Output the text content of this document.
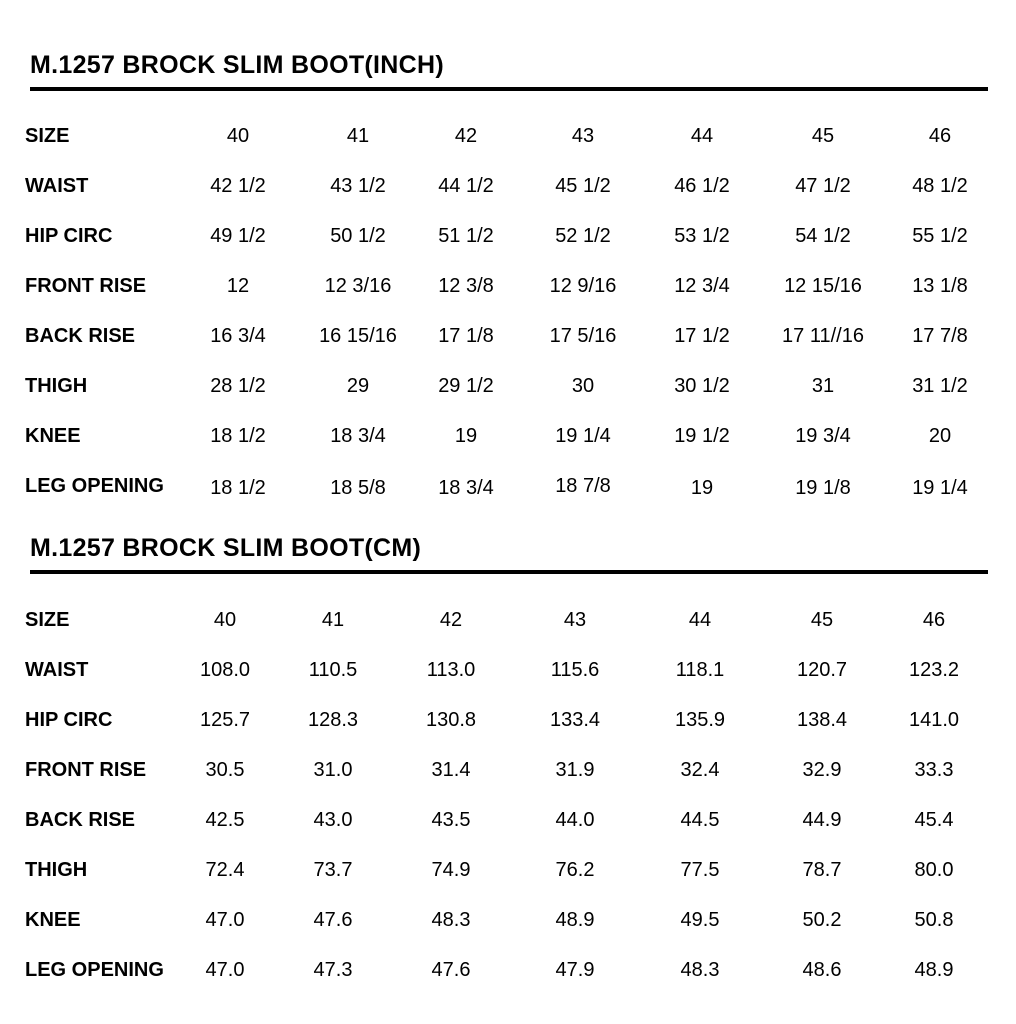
M.1257 BROCK SLIM BOOT(INCH)
SIZE	40	41	42	43	44	45	46
WAIST	42 1/2	43 1/2	44 1/2	45 1/2	46 1/2	47 1/2	48 1/2
HIP CIRC	49 1/2	50 1/2	51 1/2	52 1/2	53 1/2	54 1/2	55 1/2
FRONT RISE	12	12 3/16	12 3/8	12 9/16	12 3/4	12 15/16	13 1/8
BACK RISE	16 3/4	16 15/16	17 1/8	17 5/16	17 1/2	17 11//16	17 7/8
THIGH	28 1/2	29	29 1/2	30	30 1/2	31	31 1/2
KNEE	18 1/2	18 3/4	19	19 1/4	19 1/2	19 3/4	20
LEG OPENING	18 1/2	18 5/8	18 3/4	18 7/8	19	19 1/8	19 1/4
M.1257 BROCK SLIM BOOT(CM)
SIZE	40	41	42	43	44	45	46
WAIST	108.0	110.5	113.0	115.6	118.1	120.7	123.2
HIP CIRC	125.7	128.3	130.8	133.4	135.9	138.4	141.0
FRONT RISE	30.5	31.0	31.4	31.9	32.4	32.9	33.3
BACK RISE	42.5	43.0	43.5	44.0	44.5	44.9	45.4
THIGH	72.4	73.7	74.9	76.2	77.5	78.7	80.0
KNEE	47.0	47.6	48.3	48.9	49.5	50.2	50.8
LEG OPENING	47.0	47.3	47.6	47.9	48.3	48.6	48.9
